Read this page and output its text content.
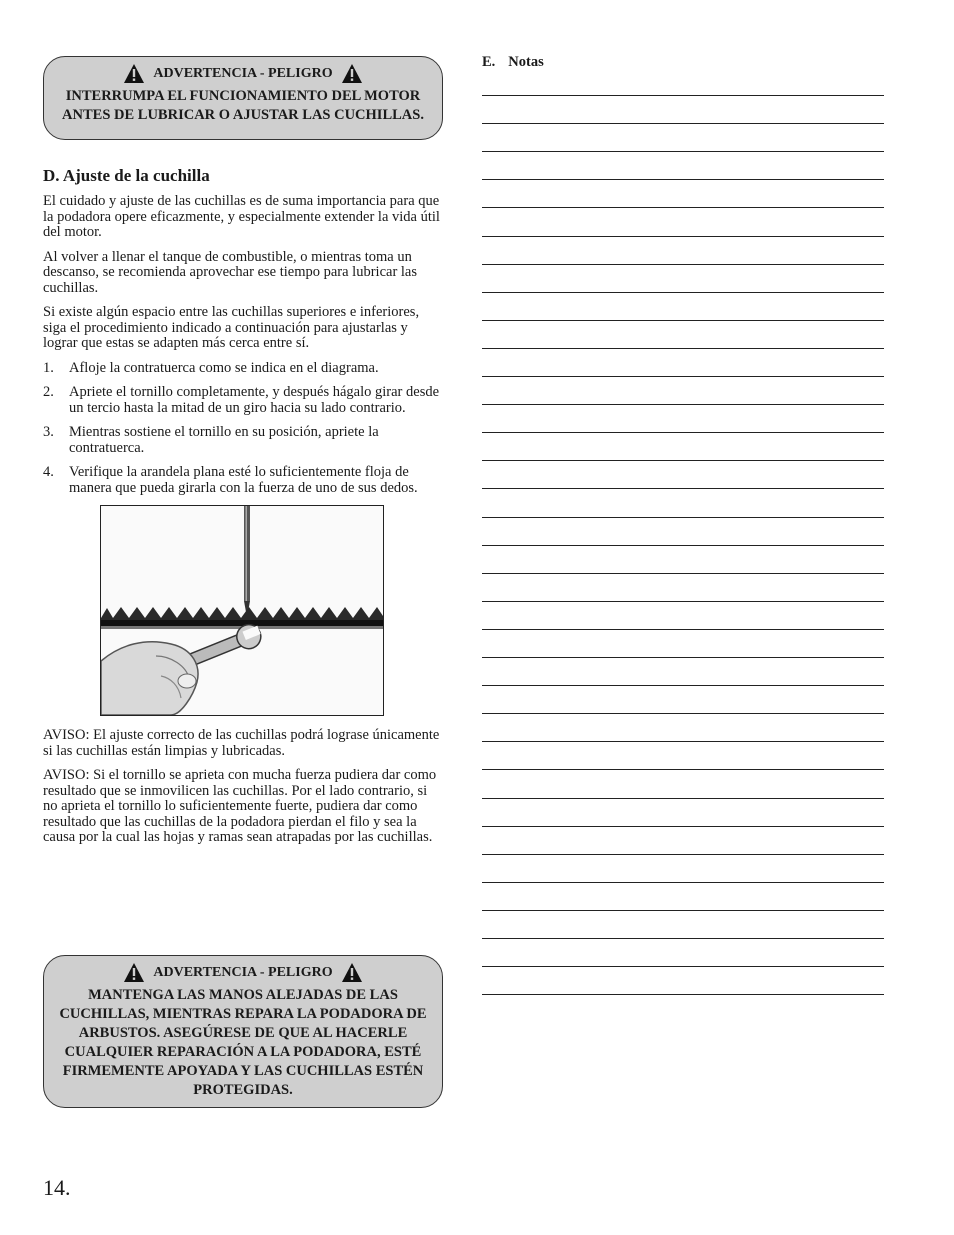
ADVERTENCIA - PELIGRO
INTERRUMPA EL FUNCIONAMIENTO DEL MOTOR
ANTES DE LUBRICAR O AJUSTAR LAS CUCHILLAS.
D. Ajuste de la cuchilla

El cuidado y ajuste de las cuchillas es de suma importancia para que la podadora opere eficazmente, y especialmente extender la vida útil del motor.

Al volver a llenar el tanque de combustible, o mientras toma un descanso, se recomienda aprovechar ese tiempo para lubricar las cuchillas.

Si existe algún espacio entre las cuchillas superiores e inferiores, siga el procedimiento indicado a continuación para ajustarlas y lograr que estas se adapten más cerca entre sí.

1.	Afloje la contratuerca como se indica en el diagrama.
2.	Apriete el tornillo completamente, y después hágalo girar desde un tercio hasta la mitad de un giro hacia su lado contrario.
3.	Mientras sostiene el tornillo en su posición, apriete la contratuerca.
4.	Verifique la arandela plana esté lo suficientemente floja de manera que pueda girarla con la fuerza de uno de sus dedos.

AVISO: El ajuste correcto de las cuchillas podrá lograse únicamente si las cuchillas están limpias y lubricadas.

AVISO: Si el tornillo se aprieta con mucha fuerza pudiera dar como resultado que se inmovilicen las cuchillas. Por el lado contrario, si no aprieta el tornillo lo suficientemente fuerte, pudiera dar como resultado que las cuchillas de la podadora pierdan el filo y sea la causa por la cual las hojas y ramas sean atrapadas por las cuchillas.

ADVERTENCIA - PELIGRO
MANTENGA LAS MANOS ALEJADAS DE LAS CUCHILLAS, MIENTRAS REPARA LA PODADORA DE ARBUSTOS. ASEGÚRESE DE QUE AL HACERLE CUALQUIER REPARACIÓN A LA PODADORA, ESTÉ FIRMEMENTE APOYADA Y LAS CUCHILLAS ESTÉN PROTEGIDAS.
E. Notas
14.
